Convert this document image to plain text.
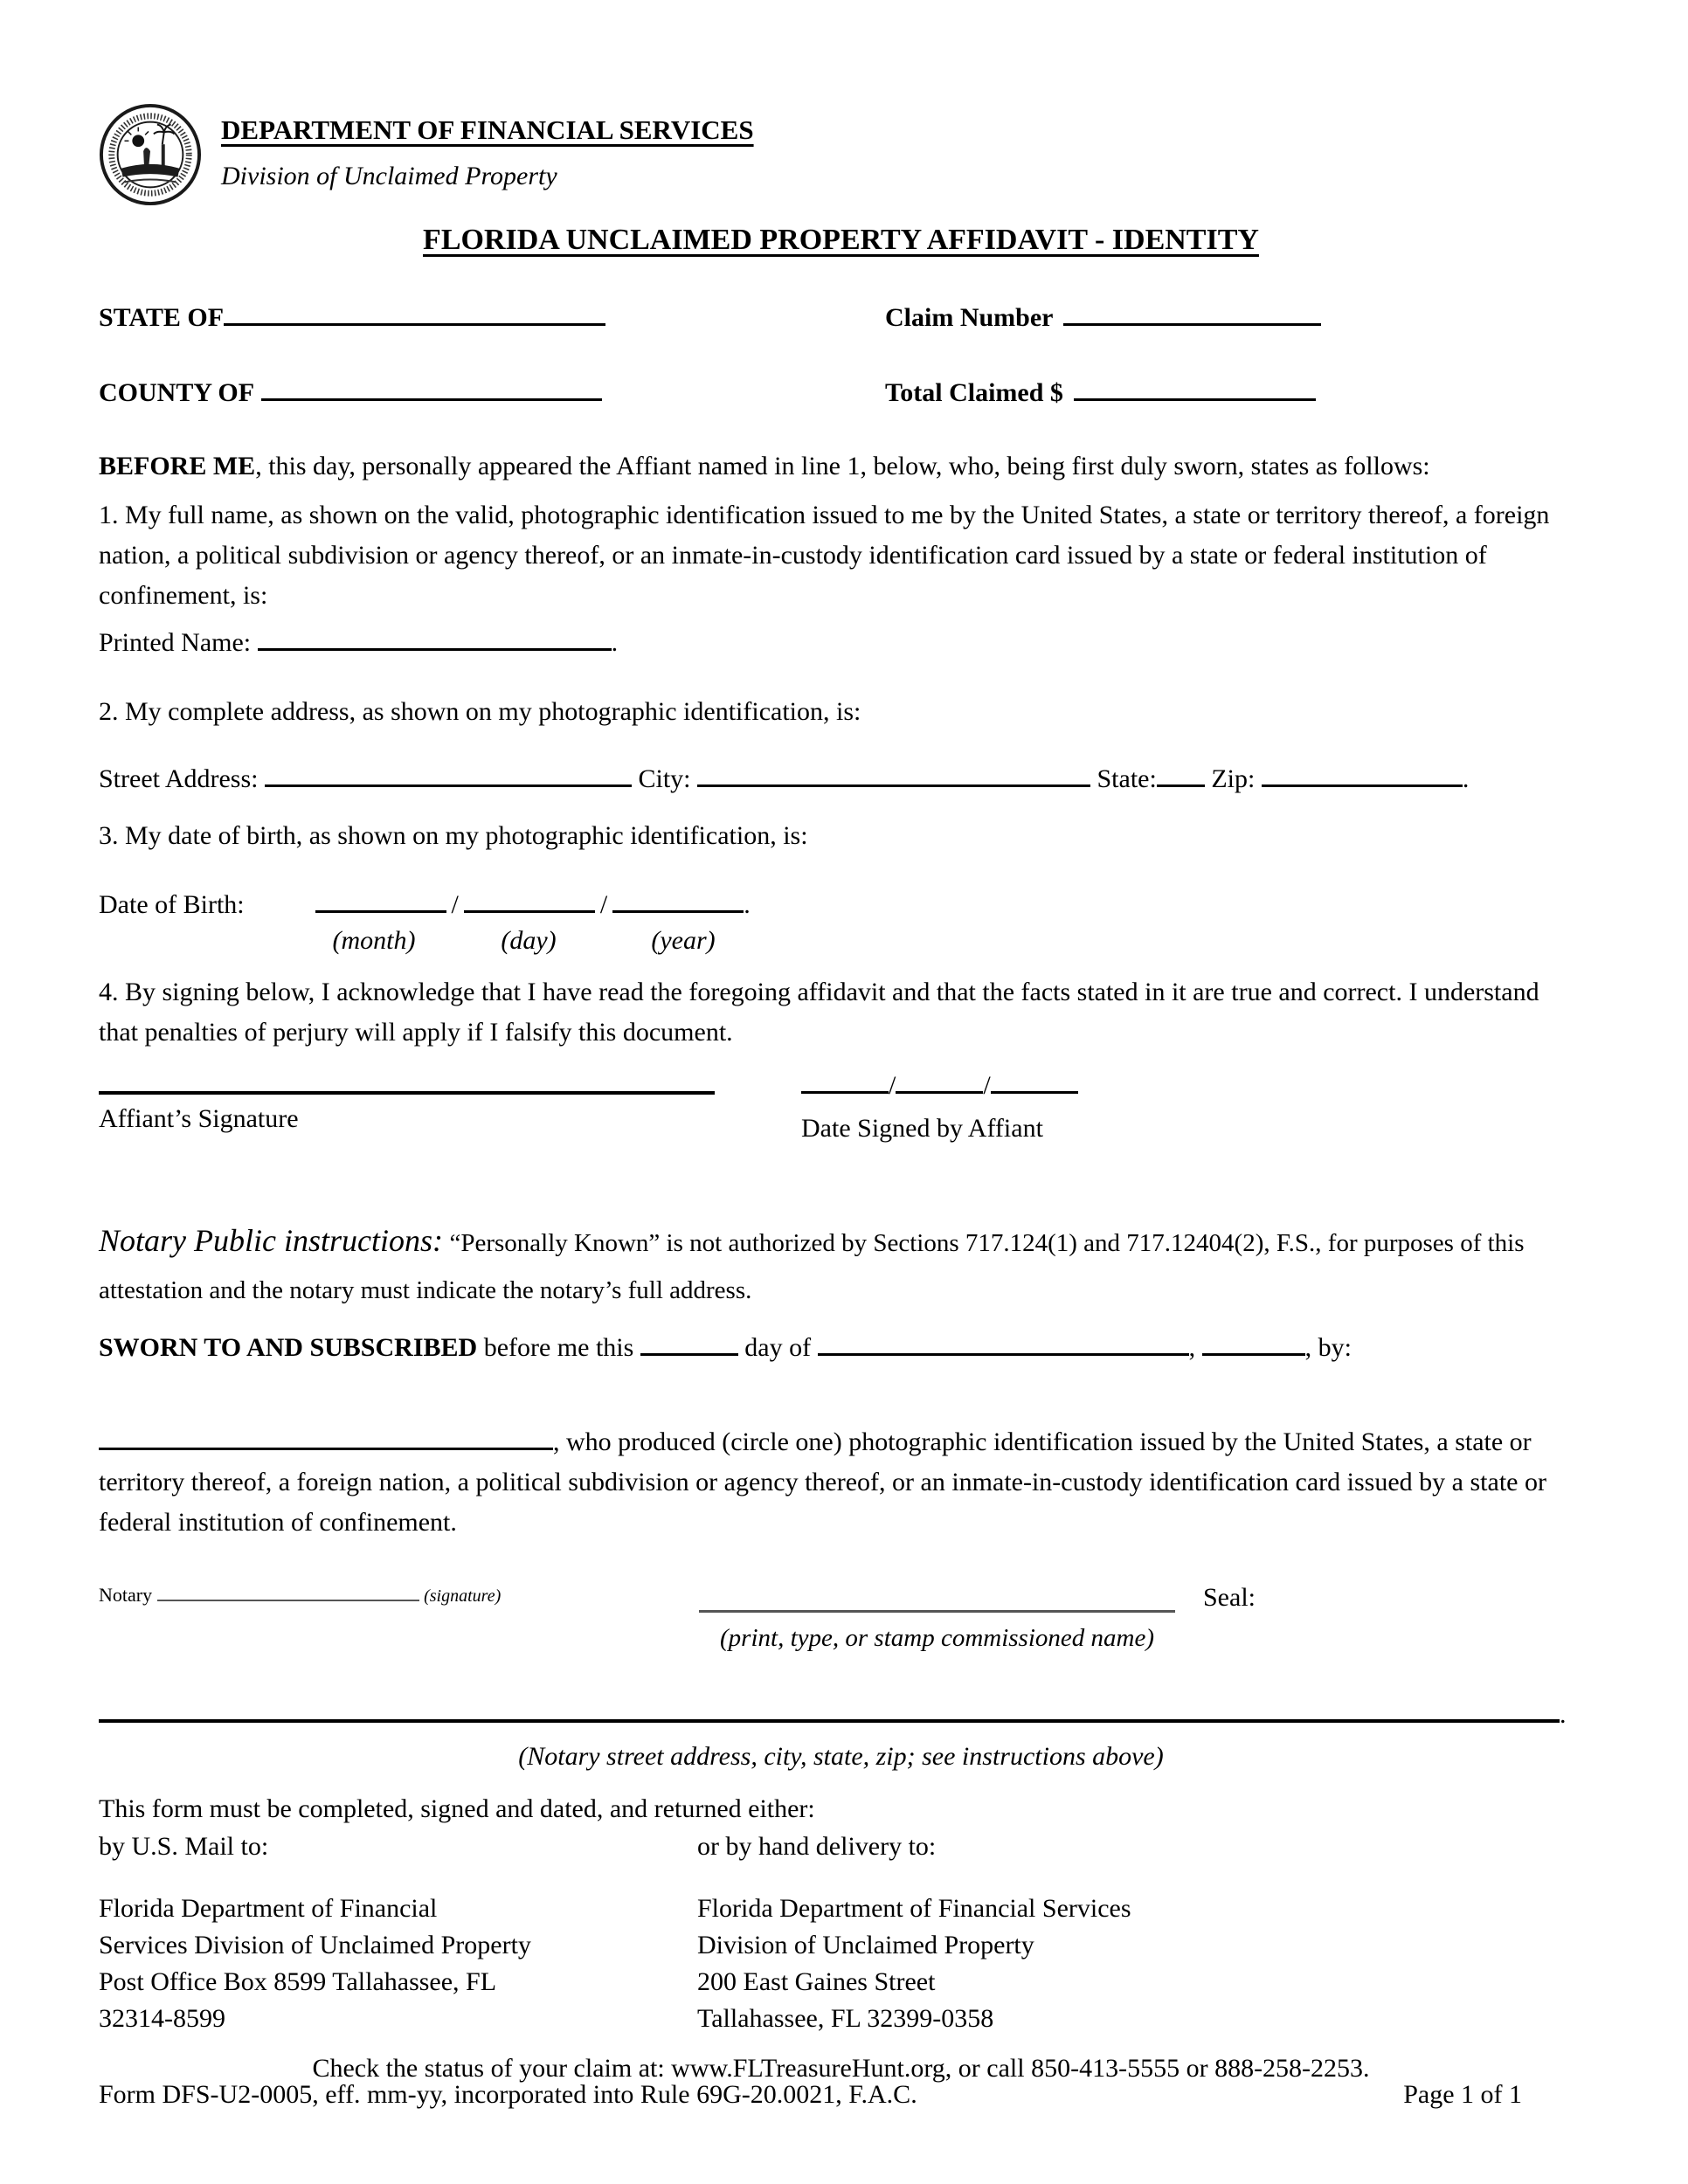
DEPARTMENT OF FINANCIAL SERVICES
Division of Unclaimed Property
FLORIDA UNCLAIMED PROPERTY AFFIDAVIT - IDENTITY
STATE OF	Claim Number
COUNTY OF	Total Claimed $

BEFORE ME, this day, personally appeared the Affiant named in line 1, below, who, being first duly sworn, states as follows:

1. My full name, as shown on the valid, photographic identification issued to me by the United States, a state or territory thereof, a foreign nation, a political subdivision or agency thereof, or an inmate-in-custody identification card issued by a state or federal institution of confinement, is:

Printed Name:	.

2. My complete address, as shown on my photographic identification, is:

Street Address:	City:	State: Zip:	.

3. My date of birth, as shown on my photographic identification, is:

Date of Birth:	/	/	.
(month)	(day)	(year)

4. By signing below, I acknowledge that I have read the foregoing affidavit and that the facts stated in it are true and correct. I understand that penalties of perjury will apply if I falsify this document.

Affiant’s Signature
/	/
Date Signed by Affiant

Notary Public instructions: “Personally Known” is not authorized by Sections 717.124(1) and 717.12404(2), F.S., for purposes of this attestation and the notary must indicate the notary’s full address.

SWORN TO AND SUBSCRIBED before me this	day of	,	, by:

, who produced (circle one) photographic identification issued by the United States, a state or territory thereof, a foreign nation, a political subdivision or agency thereof, or an inmate-in-custody identification card issued by a state or federal institution of confinement.

Notary	(signature)
(print, type, or stamp commissioned name)
Seal:
.
(Notary street address, city, state, zip; see instructions above)

This form must be completed, signed and dated, and returned either:

by U.S. Mail to:	or by hand delivery to:
Florida Department of Financial
Services Division of Unclaimed Property
Post Office Box 8599 Tallahassee, FL
32314-8599
Florida Department of Financial Services
Division of Unclaimed Property
200 East Gaines Street
Tallahassee, FL 32399-0358
Check the status of your claim at: www.FLTreasureHunt.org, or call 850-413-5555 or 888-258-2253.
Form DFS-U2-0005, eff. mm-yy, incorporated into Rule 69G-20.0021, F.A.C.	Page 1 of 1
